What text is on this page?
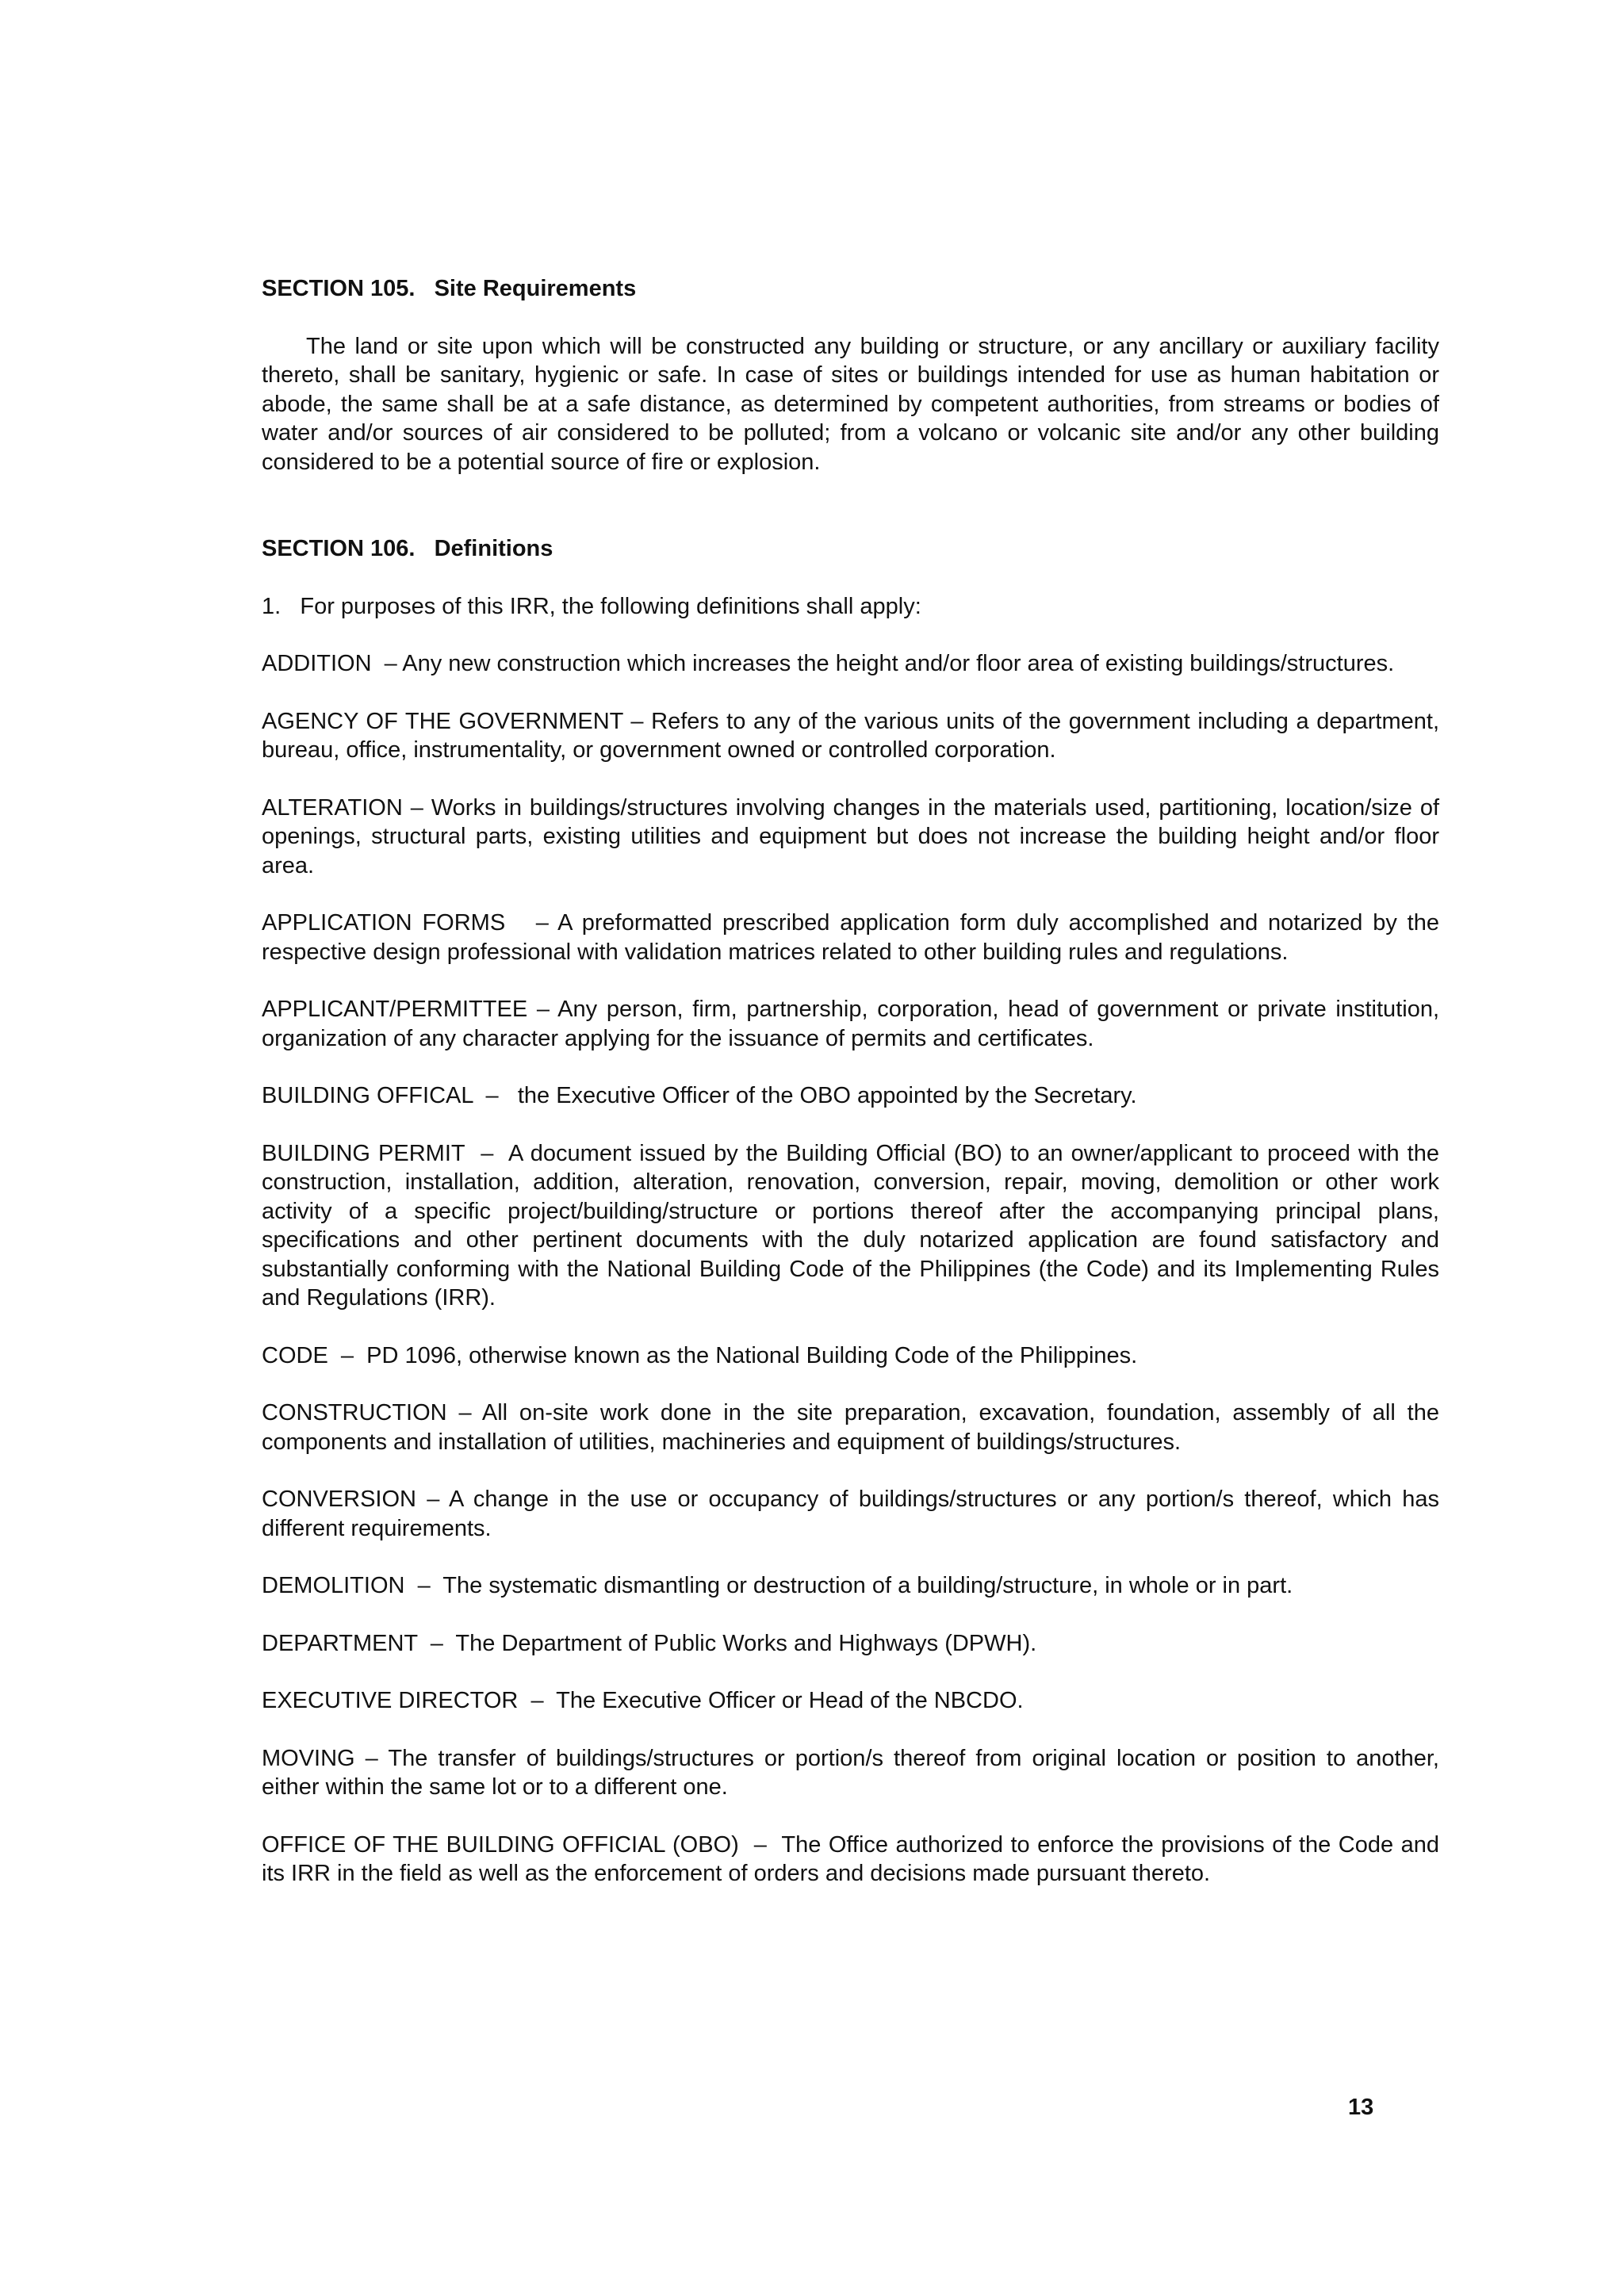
SECTION 105.   Site Requirements

The land or site upon which will be constructed any building or structure, or any ancillary or auxiliary facility thereto, shall be sanitary, hygienic or safe. In case of sites or buildings intended for use as human habitation or abode, the same shall be at a safe distance, as determined by competent authorities, from streams or bodies of water and/or sources of air considered to be polluted; from a volcano or volcanic site and/or any other building considered to be a potential source of fire or explosion.

SECTION 106.   Definitions

1.   For purposes of this IRR, the following definitions shall apply:

ADDITION  – Any new construction which increases the height and/or floor area of existing buildings/structures.

AGENCY OF THE GOVERNMENT – Refers to any of the various units of the government including a department, bureau, office, instrumentality, or government owned or controlled corporation.

ALTERATION – Works in buildings/structures involving changes in the materials used, partitioning, location/size of openings, structural parts, existing utilities and equipment but does not increase the building height and/or floor area.

APPLICATION FORMS   – A preformatted prescribed application form duly accomplished and notarized by the respective design professional with validation matrices related to other building rules and regulations.

APPLICANT/PERMITTEE – Any person, firm, partnership, corporation, head of government or private institution, organization of any character applying for the issuance of permits and certificates.

BUILDING OFFICAL  –   the Executive Officer of the OBO appointed by the Secretary.

BUILDING PERMIT  –  A document issued by the Building Official (BO) to an owner/applicant to proceed with the construction, installation, addition, alteration, renovation, conversion, repair, moving, demolition or other work activity of a specific project/building/structure or portions thereof after the accompanying principal plans, specifications and other pertinent documents with the duly notarized application are found satisfactory and substantially conforming with the National Building Code of the Philippines (the Code) and its Implementing Rules and Regulations (IRR).

CODE  –  PD 1096, otherwise known as the National Building Code of the Philippines.

CONSTRUCTION – All on-site work done in the site preparation, excavation, foundation, assembly of all the components and installation of utilities, machineries and equipment of buildings/structures.

CONVERSION – A change in the use or occupancy of buildings/structures or any portion/s thereof, which has different requirements.

DEMOLITION  –  The systematic dismantling or destruction of a building/structure, in whole or in part.

DEPARTMENT  –  The Department of Public Works and Highways (DPWH).

EXECUTIVE DIRECTOR  –  The Executive Officer or Head of the NBCDO.

MOVING – The transfer of buildings/structures or portion/s thereof from original location or position to another, either within the same lot or to a different one.

OFFICE OF THE BUILDING OFFICIAL (OBO)  –  The Office authorized to enforce the provisions of the Code and its IRR in the field as well as the enforcement of orders and decisions made pursuant thereto.

13
